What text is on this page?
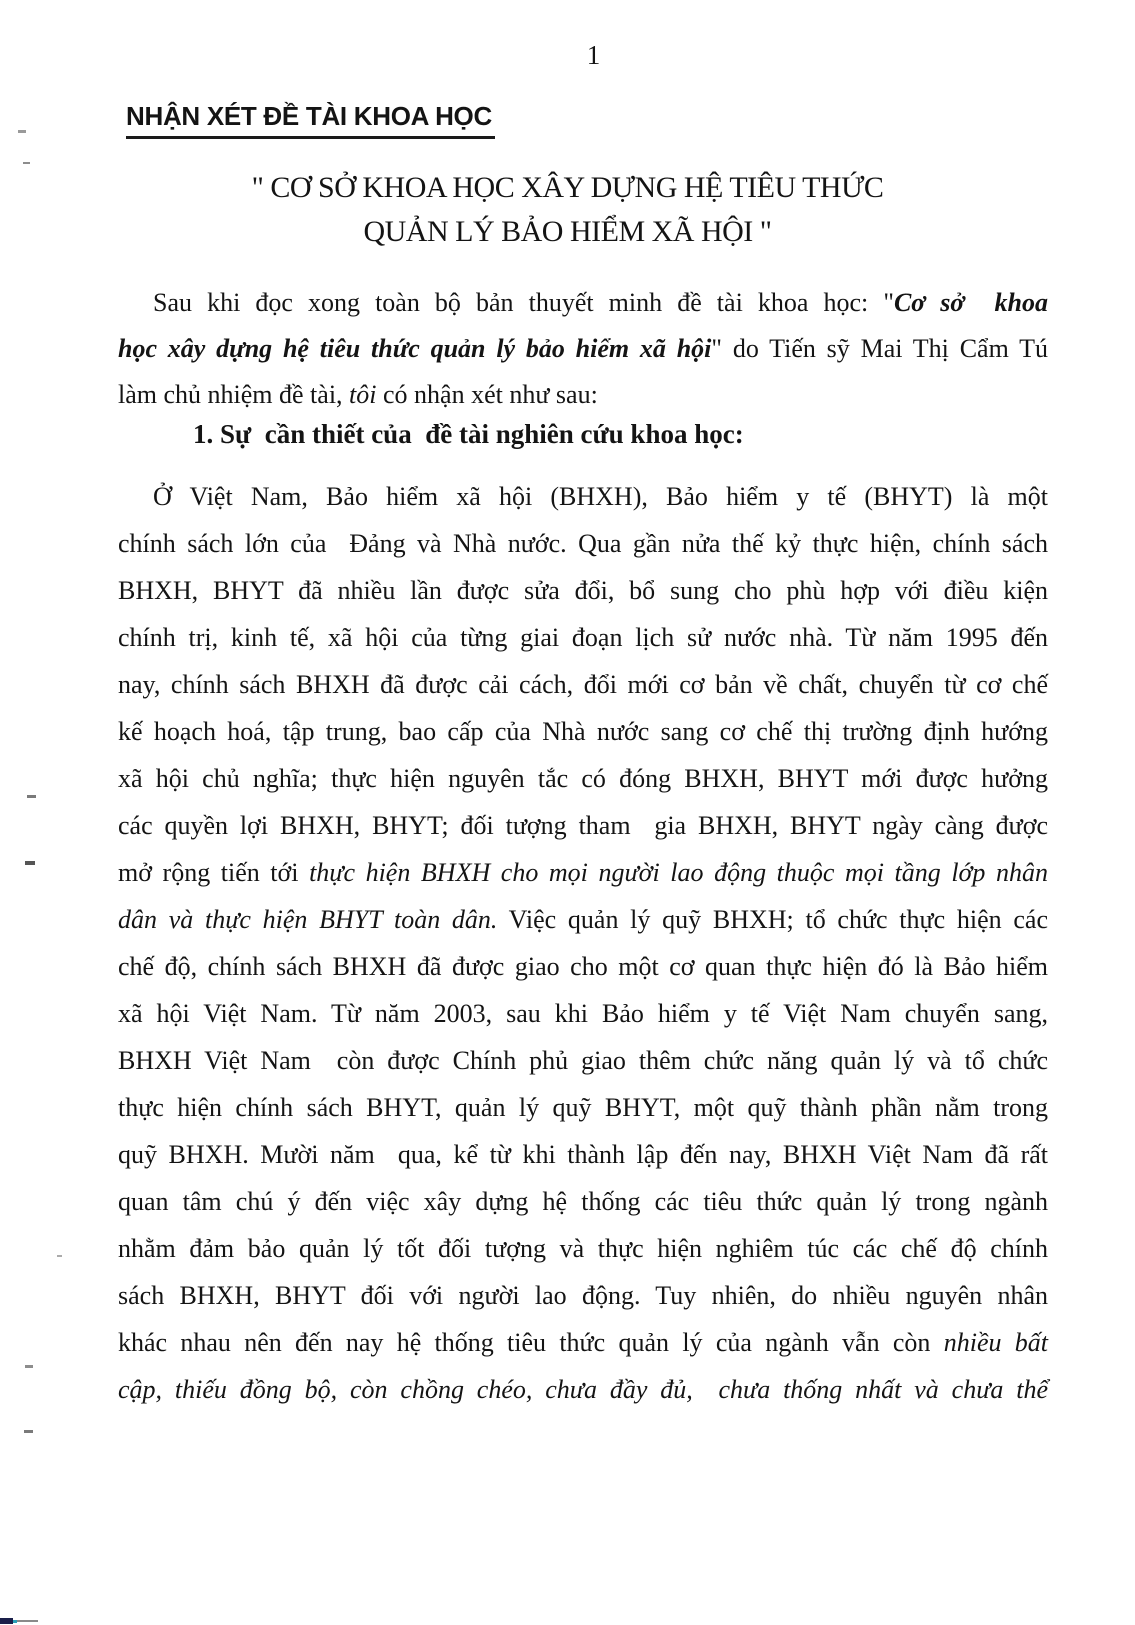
1
NHẬN XÉT ĐỀ TÀI KHOA HỌC
" CƠ SỞ KHOA HỌC XÂY DỰNG HỆ TIÊU THỨC
QUẢN LÝ BẢO HIỂM XÃ HỘI "
Sau khi đọc xong toàn bộ bản thuyết minh đề tài khoa học: "Cơ sở  khoa
học xây dựng hệ tiêu thức quản lý bảo hiểm xã hội" do Tiến sỹ Mai Thị Cẩm Tú
làm chủ nhiệm đề tài, tôi có nhận xét như sau:
1. Sự  cần thiết của  đề tài nghiên cứu khoa học:
Ở Việt Nam, Bảo hiểm xã hội (BHXH), Bảo hiểm y tế (BHYT) là một
chính sách lớn của  Đảng và Nhà nước. Qua gần nửa thế kỷ thực hiện, chính sách
BHXH, BHYT đã nhiều lần được sửa đổi, bổ sung cho phù hợp với điều kiện
chính trị, kinh tế, xã hội của từng giai đoạn lịch sử nước nhà. Từ năm 1995 đến
nay, chính sách BHXH đã được cải cách, đổi mới cơ bản về chất, chuyển từ cơ chế
kế hoạch hoá, tập trung, bao cấp của Nhà nước sang cơ chế thị trường định hướng
xã hội chủ nghĩa; thực hiện nguyên tắc có đóng BHXH, BHYT mới được hưởng
các quyền lợi BHXH, BHYT; đối tượng tham  gia BHXH, BHYT ngày càng được
mở rộng tiến tới thực hiện BHXH cho mọi người lao động thuộc mọi tầng lớp nhân
dân và thực hiện BHYT toàn dân. Việc quản lý quỹ BHXH; tổ chức thực hiện các
chế độ, chính sách BHXH đã được giao cho một cơ quan thực hiện đó là Bảo hiểm
xã hội Việt Nam. Từ năm 2003, sau khi Bảo hiểm y tế Việt Nam chuyển sang,
BHXH Việt Nam  còn được Chính phủ giao thêm chức năng quản lý và tổ chức
thực hiện chính sách BHYT, quản lý quỹ BHYT, một quỹ thành phần nằm trong
quỹ BHXH. Mười năm  qua, kể từ khi thành lập đến nay, BHXH Việt Nam đã rất
quan tâm chú ý đến việc xây dựng hệ thống các tiêu thức quản lý trong ngành
nhằm đảm bảo quản lý tốt đối tượng và thực hiện nghiêm túc các chế độ chính
sách BHXH, BHYT đối với người lao động. Tuy nhiên, do nhiều nguyên nhân
khác nhau nên đến nay hệ thống tiêu thức quản lý của ngành vẫn còn nhiều bất
cập, thiếu đồng bộ, còn chồng chéo, chưa đầy đủ,  chưa thống nhất và chưa thể
